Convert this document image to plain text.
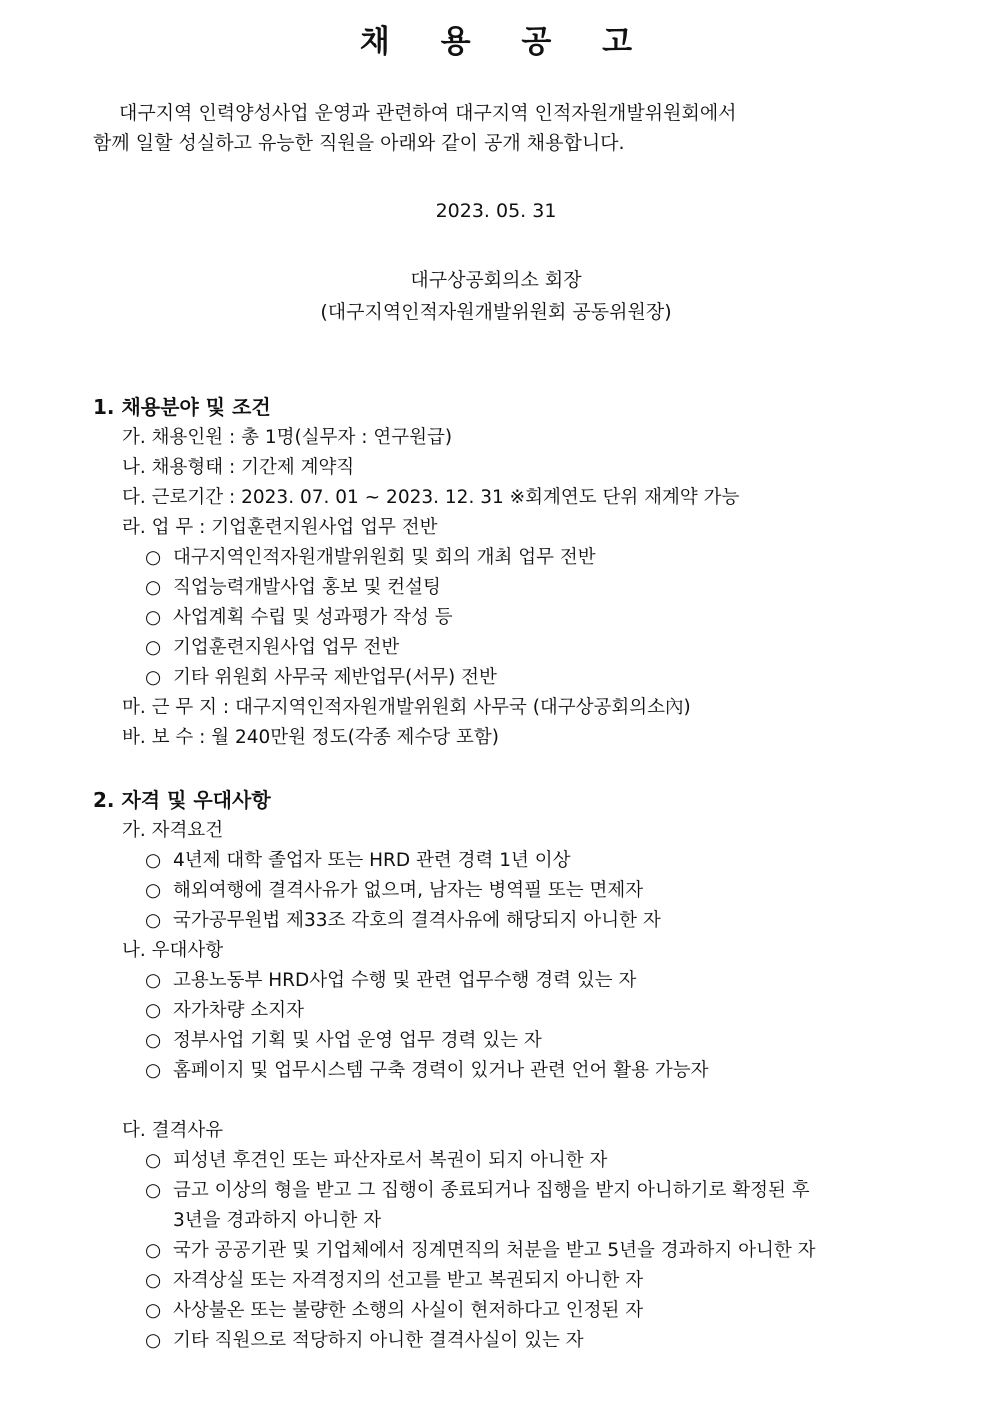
채 용 공 고
대구지역 인력양성사업 운영과 관련하여 대구지역 인적자원개발위원회에서
함께 일할 성실하고 유능한 직원을 아래와 같이 공개 채용합니다.
2023. 05. 31
대구상공회의소 회장
(대구지역인적자원개발위원회 공동위원장)
1. 채용분야 및 조건
가. 채용인원 : 총 1명(실무자 : 연구원급)
나. 채용형태 : 기간제 계약직
다. 근로기간 : 2023. 07. 01 ~ 2023. 12. 31 ※회계연도 단위 재계약 가능
라. 업 무 : 기업훈련지원사업 업무 전반
○ 대구지역인적자원개발위원회 및 회의 개최 업무 전반
○ 직업능력개발사업 홍보 및 컨설팅
○ 사업계획 수립 및 성과평가 작성 등
○ 기업훈련지원사업 업무 전반
○ 기타 위원회 사무국 제반업무(서무) 전반
마. 근 무 지 : 대구지역인적자원개발위원회 사무국 (대구상공회의소內)
바. 보 수 : 월 240만원 정도(각종 제수당 포함)
2. 자격 및 우대사항
가. 자격요건
○ 4년제 대학 졸업자 또는 HRD 관련 경력 1년 이상
○ 해외여행에 결격사유가 없으며, 남자는 병역필 또는 면제자
○ 국가공무원법 제33조 각호의 결격사유에 해당되지 아니한 자
나. 우대사항
○ 고용노동부 HRD사업 수행 및 관련 업무수행 경력 있는 자
○ 자가차량 소지자
○ 정부사업 기획 및 사업 운영 업무 경력 있는 자
○ 홈페이지 및 업무시스템 구축 경력이 있거나 관련 언어 활용 가능자
다. 결격사유
○ 피성년 후견인 또는 파산자로서 복권이 되지 아니한 자
○ 금고 이상의 형을 받고 그 집행이 종료되거나 집행을 받지 아니하기로 확정된 후
3년을 경과하지 아니한 자
○ 국가 공공기관 및 기업체에서 징계면직의 처분을 받고 5년을 경과하지 아니한 자
○ 자격상실 또는 자격정지의 선고를 받고 복권되지 아니한 자
○ 사상불온 또는 불량한 소행의 사실이 현저하다고 인정된 자
○ 기타 직원으로 적당하지 아니한 결격사실이 있는 자
